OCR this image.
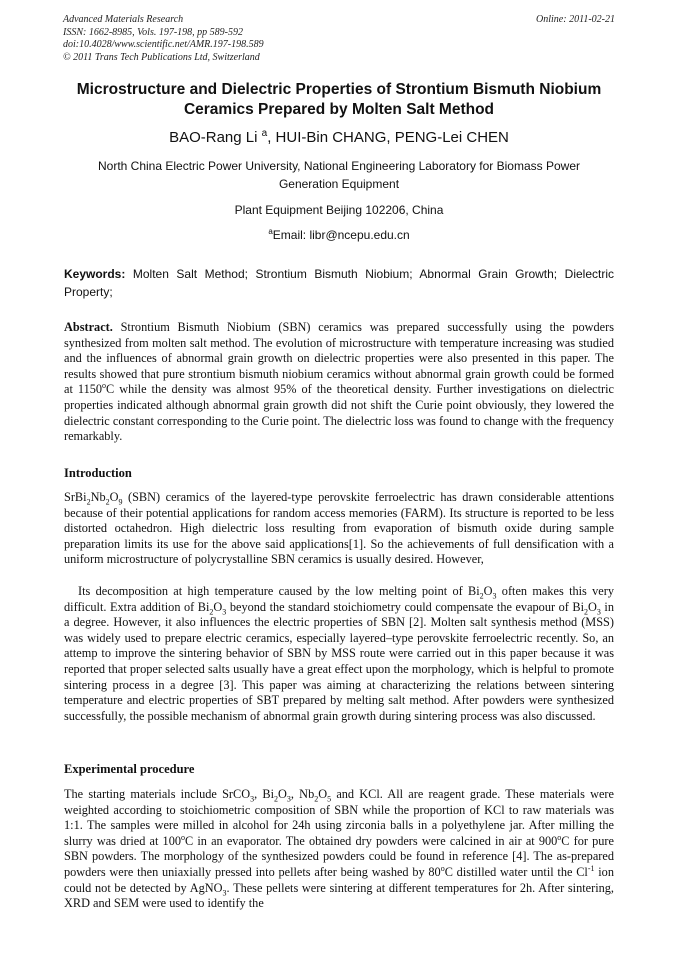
Advanced Materials Research
ISSN: 1662-8985, Vols. 197-198, pp 589-592
doi:10.4028/www.scientific.net/AMR.197-198.589
© 2011 Trans Tech Publications Ltd, Switzerland
Online: 2011-02-21
Microstructure and Dielectric Properties of Strontium Bismuth Niobium
Ceramics Prepared by Molten Salt Method
BAO-Rang Li $^a$, HUI-Bin CHANG, PENG-Lei CHEN
North China Electric Power University, National Engineering Laboratory for Biomass Power
Generation Equipment
Plant Equipment Beijing 102206, China
$^a$Email: libr@ncepu.edu.cn
Keywords: Molten Salt Method; Strontium Bismuth Niobium; Abnormal Grain Growth; Dielectric Property;
Abstract. Strontium Bismuth Niobium (SBN) ceramics was prepared successfully using the powders synthesized from molten salt method. The evolution of microstructure with temperature increasing was studied and the influences of abnormal grain growth on dielectric properties were also presented in this paper. The results showed that pure strontium bismuth niobium ceramics without abnormal grain growth could be formed at 1150$^o$C while the density was almost 95% of the theoretical density. Further investigations on dielectric properties indicated although abnormal grain growth did not shift the Curie point obviously, they lowered the dielectric constant corresponding to the Curie point. The dielectric loss was found to change with the frequency remarkably.
Introduction
$SrBi_2Nb_2O_9$ (SBN) ceramics of the layered-type perovskite ferroelectric has drawn considerable attentions because of their potential applications for random access memories (FARM). Its structure is reported to be less distorted octahedron. High dielectric loss resulting from evaporation of bismuth oxide during sample preparation limits its use for the above said applications[1]. So the achievements of full densification with a uniform microstructure of polycrystalline SBN ceramics is usually desired. However,
Its decomposition at high temperature caused by the low melting point of $Bi_2O_3$ often makes this very difficult. Extra addition of $Bi_2O_3$ beyond the standard stoichiometry could compensate the evapour of $Bi_2O_3$ in a degree. However, it also influences the electric properties of SBN [2]. Molten salt synthesis method (MSS) was widely used to prepare electric ceramics, especially layered–type perovskite ferroelectric recently. So, an attemp to improve the sintering behavior of SBN by MSS route were carried out in this paper because it was reported that proper selected salts usually have a great effect upon the morphology, which is helpful to promote sintering process in a degree [3]. This paper was aiming at characterizing the relations between sintering temperature and electric properties of SBT prepared by melting salt method. After powders were synthesized successfully, the possible mechanism of abnormal grain growth during sintering process was also discussed.
Experimental procedure
The starting materials include SrCO$_3$, $Bi_2O_3$, $Nb_2O_5$ and KCl. All are reagent grade. These materials were weighted according to stoichiometric composition of SBN while the proportion of KCl to raw materials was 1:1. The samples were milled in alcohol for 24h using zirconia balls in a polyethylene jar. After milling the slurry was dried at 100$^o$C in an evaporator. The obtained dry powders were calcined in air at 900$^o$C for pure SBN powders. The morphology of the synthesized powders could be found in reference [4]. The as-prepared powders were then uniaxially pressed into pellets after being washed by 80$^o$C distilled water until the $Cl^{-1}$ ion could not be detected by AgNO$_3$. These pellets were sintering at different temperatures for 2h. After sintering, XRD and SEM were used to identify the
